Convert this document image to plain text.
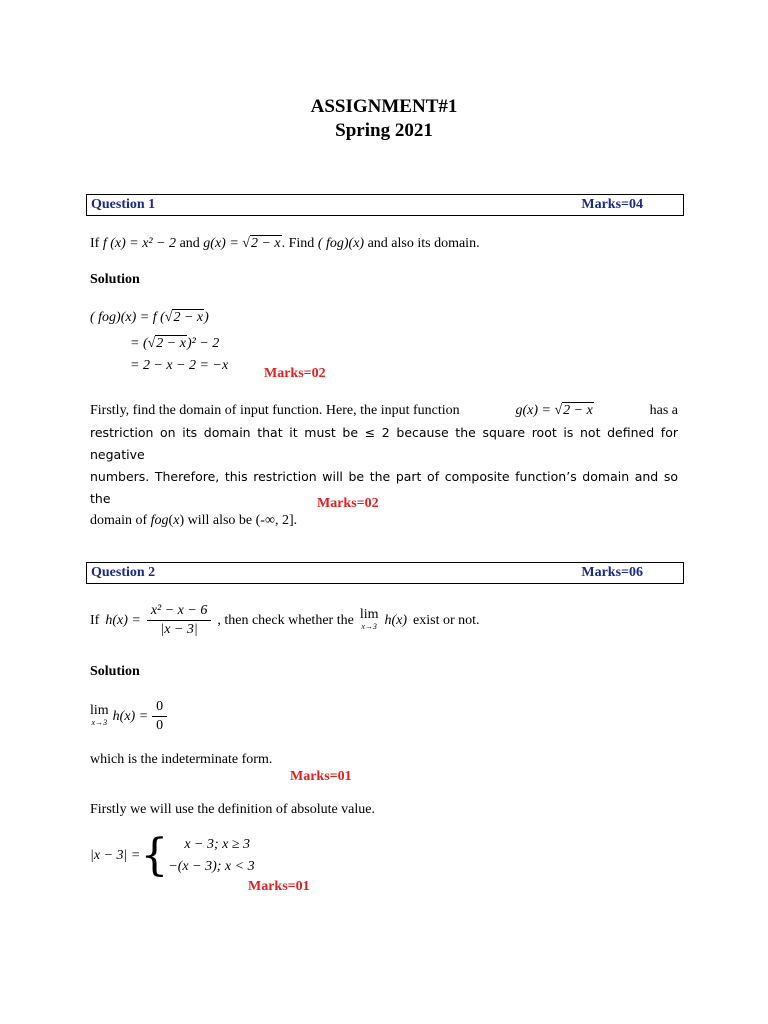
ASSIGNMENT#1
Spring 2021
Question 1	Marks=04
If f (x) = x² − 2 and g(x) = √2 − x. Find ( fog)(x) and also its domain.
Solution
( fog)(x) = f (√2 − x)
= (√2 − x)² − 2
= 2 − x − 2 = −x
Marks=02
Firstly, find the domain of input function. Here, the input function	g(x) = √2 − x	has a
restriction on its domain that it must be ≤ 2 because the square root is not defined for negative
numbers. Therefore, this restriction will be the part of composite function’s domain and so the
domain of fog(x) will also be (-∞, 2].
Marks=02
Question 2	Marks=06
If $h(x) = \frac{\text{x² − x − 6}}{|x - 3|}$ , then check whether the lim
x→3 h(x) exist or not.
Solution
lim
x→3 $h(x) = \frac{0}{0}$
which is the indeterminate form.
Marks=01
Firstly we will use the definition of absolute value.
|x − 3| = {	x − 3; x ≥ 3
−(x − 3); x < 3
Marks=01
